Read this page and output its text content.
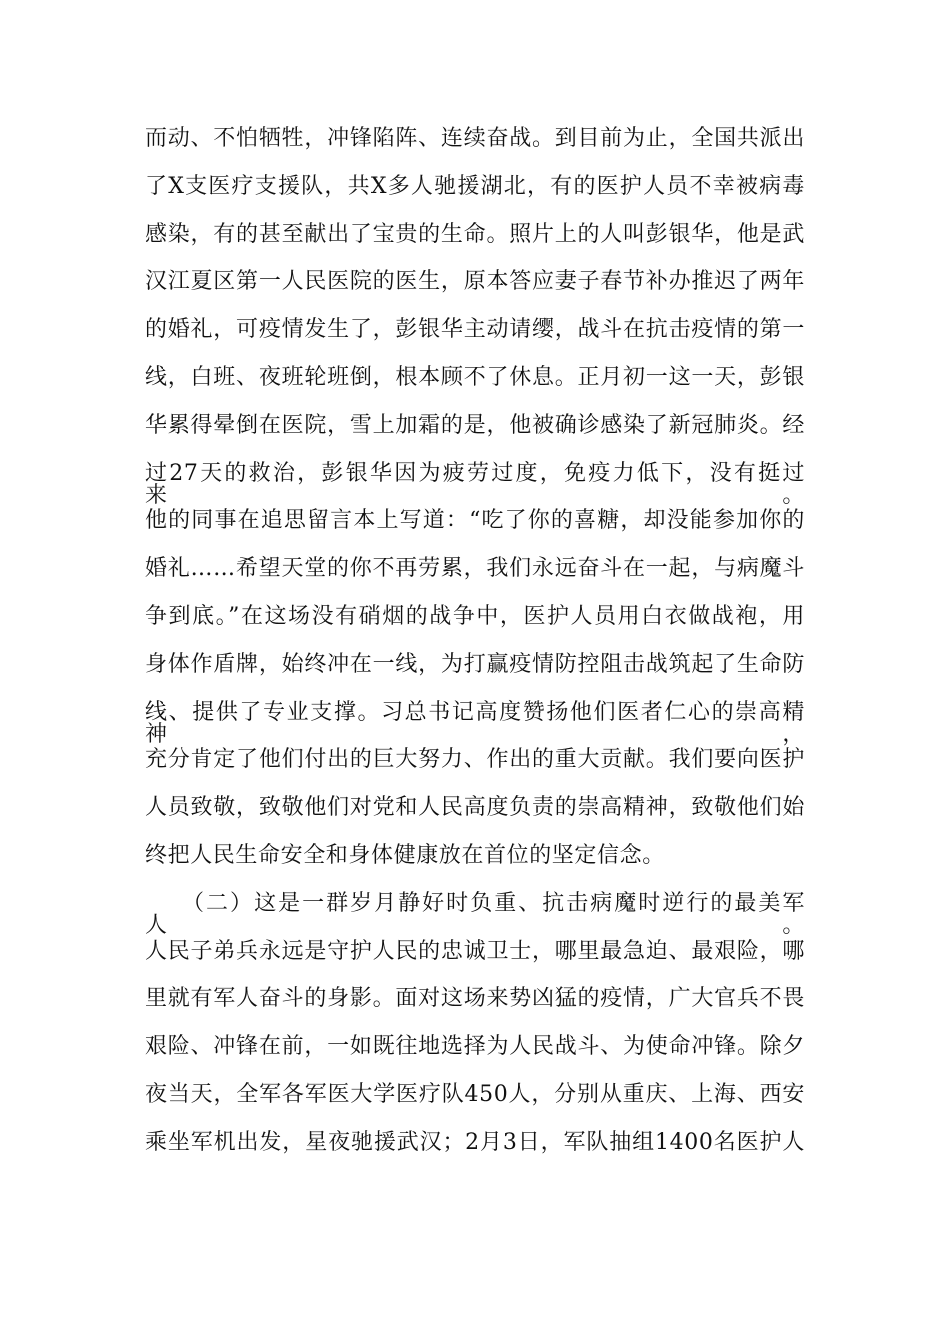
而动、不怕牺牲，冲锋陷阵、连续奋战。到目前为止，全国共派出
了X支医疗支援队，共X多人驰援湖北，有的医护人员不幸被病毒
感染，有的甚至献出了宝贵的生命。照片上的人叫彭银华，他是武
汉江夏区第一人民医院的医生，原本答应妻子春节补办推迟了两年
的婚礼，可疫情发生了，彭银华主动请缨，战斗在抗击疫情的第一
线，白班、夜班轮班倒，根本顾不了休息。正月初一这一天，彭银
华累得晕倒在医院，雪上加霜的是，他被确诊感染了新冠肺炎。经
过27天的救治，彭银华因为疲劳过度，免疫力低下，没有挺过来。
他的同事在追思留言本上写道：“吃了你的喜糖，却没能参加你的
婚礼……希望天堂的你不再劳累，我们永远奋斗在一起，与病魔斗
争到底。”在这场没有硝烟的战争中，医护人员用白衣做战袍，用
身体作盾牌，始终冲在一线，为打赢疫情防控阻击战筑起了生命防
线、提供了专业支撑。习总书记高度赞扬他们医者仁心的崇高精神，
充分肯定了他们付出的巨大努力、作出的重大贡献。我们要向医护
人员致敬，致敬他们对党和人民高度负责的崇高精神，致敬他们始
终把人民生命安全和身体健康放在首位的坚定信念。
　　（二）这是一群岁月静好时负重、抗击病魔时逆行的最美军人。
人民子弟兵永远是守护人民的忠诚卫士，哪里最急迫、最艰险，哪
里就有军人奋斗的身影。面对这场来势凶猛的疫情，广大官兵不畏
艰险、冲锋在前，一如既往地选择为人民战斗、为使命冲锋。除夕
夜当天，全军各军医大学医疗队450人，分别从重庆、上海、西安
乘坐军机出发，星夜驰援武汉；2月3日，军队抽组1400名医护人
